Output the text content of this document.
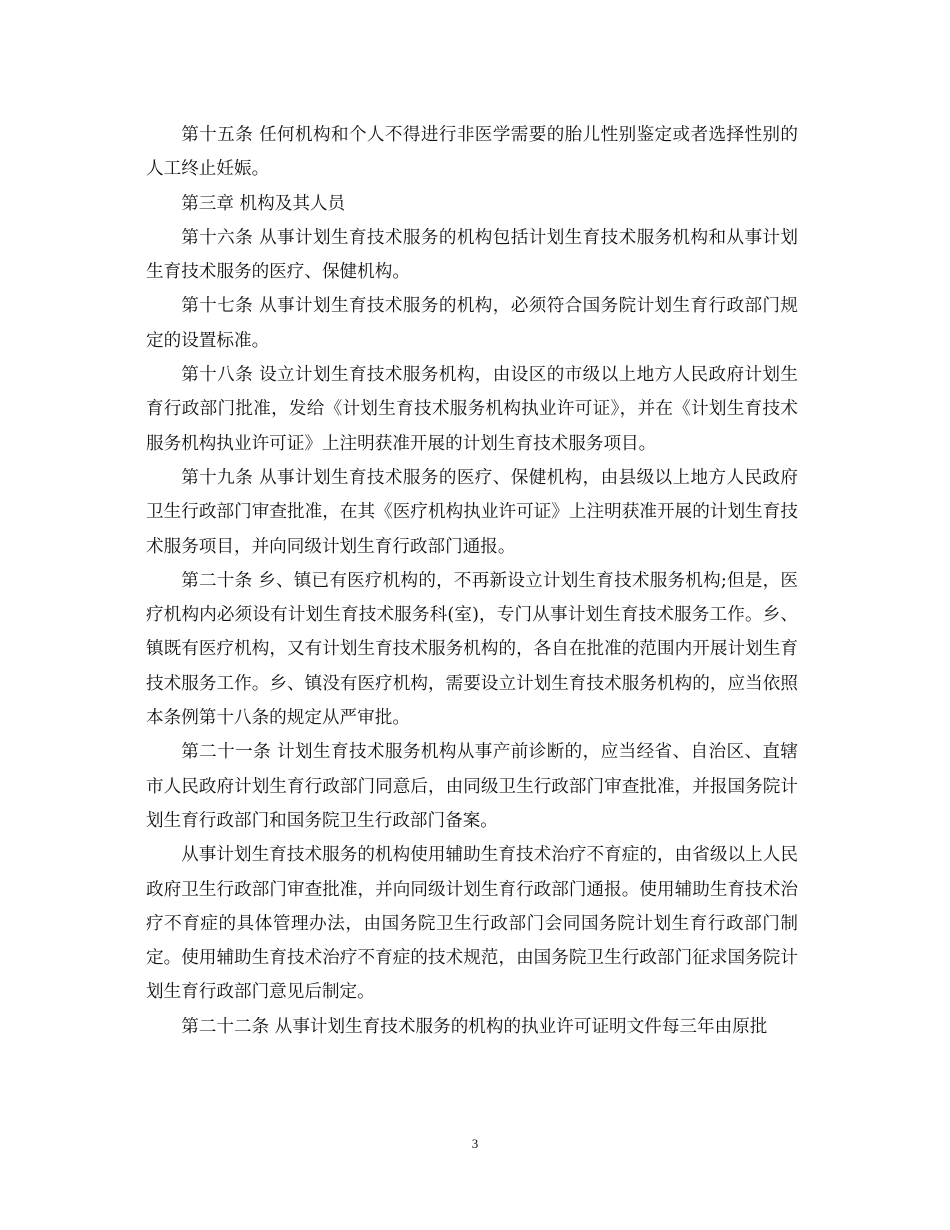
第十五条 任何机构和个人不得进行非医学需要的胎儿性别鉴定或者选择性别的人工终止妊娠。

第三章 机构及其人员

第十六条 从事计划生育技术服务的机构包括计划生育技术服务机构和从事计划生育技术服务的医疗、保健机构。

第十七条 从事计划生育技术服务的机构，必须符合国务院计划生育行政部门规定的设置标准。

第十八条 设立计划生育技术服务机构，由设区的市级以上地方人民政府计划生育行政部门批准，发给《计划生育技术服务机构执业许可证》，并在《计划生育技术服务机构执业许可证》上注明获准开展的计划生育技术服务项目。

第十九条 从事计划生育技术服务的医疗、保健机构，由县级以上地方人民政府卫生行政部门审查批准，在其《医疗机构执业许可证》上注明获准开展的计划生育技术服务项目，并向同级计划生育行政部门通报。

第二十条 乡、镇已有医疗机构的，不再新设立计划生育技术服务机构;但是，医疗机构内必须设有计划生育技术服务科(室)，专门从事计划生育技术服务工作。乡、镇既有医疗机构，又有计划生育技术服务机构的，各自在批准的范围内开展计划生育技术服务工作。乡、镇没有医疗机构，需要设立计划生育技术服务机构的，应当依照本条例第十八条的规定从严审批。

第二十一条 计划生育技术服务机构从事产前诊断的，应当经省、自治区、直辖市人民政府计划生育行政部门同意后，由同级卫生行政部门审查批准，并报国务院计划生育行政部门和国务院卫生行政部门备案。

从事计划生育技术服务的机构使用辅助生育技术治疗不育症的，由省级以上人民政府卫生行政部门审查批准，并向同级计划生育行政部门通报。使用辅助生育技术治疗不育症的具体管理办法，由国务院卫生行政部门会同国务院计划生育行政部门制定。使用辅助生育技术治疗不育症的技术规范，由国务院卫生行政部门征求国务院计划生育行政部门意见后制定。

第二十二条 从事计划生育技术服务的机构的执业许可证明文件每三年由原批

3
